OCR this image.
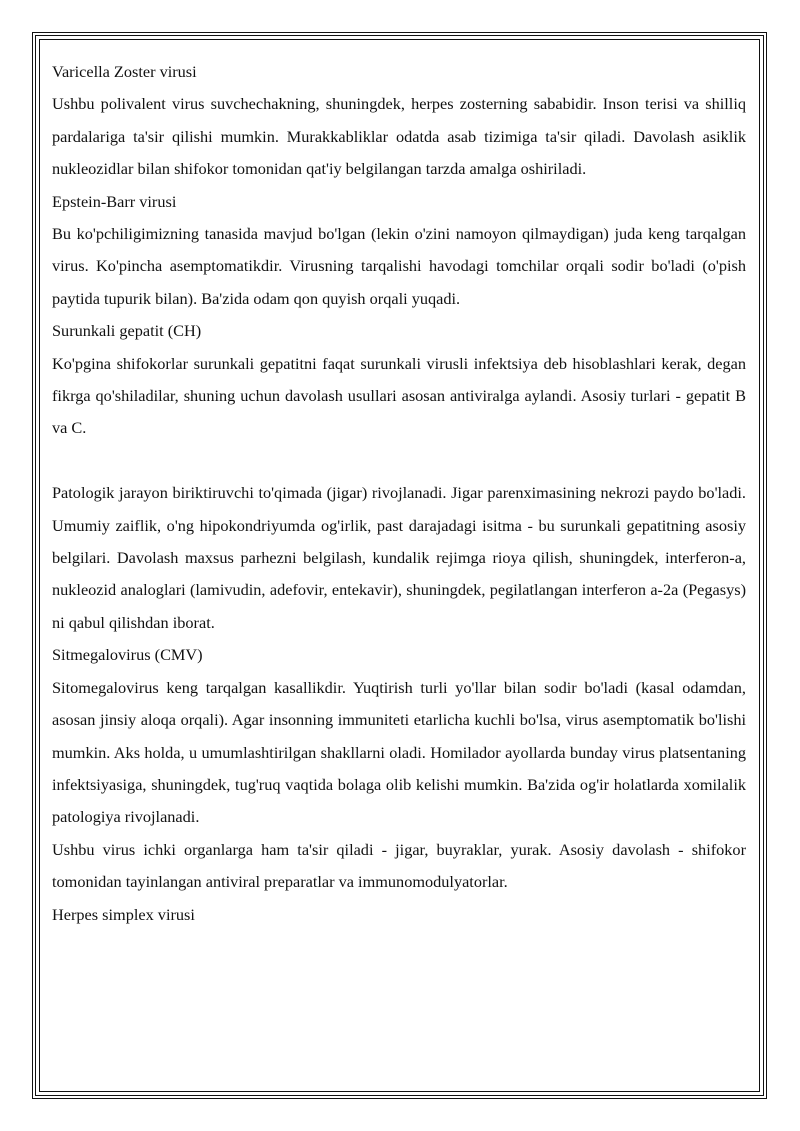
Varicella Zoster virusi

Ushbu polivalent virus suvchechakning, shuningdek, herpes zosterning sababidir. Inson terisi va shilliq pardalariga ta'sir qilishi mumkin. Murakkabliklar odatda asab tizimiga ta'sir qiladi. Davolash asiklik nukleozidlar bilan shifokor tomonidan qat'iy belgilangan tarzda amalga oshiriladi.

Epstein-Barr virusi

Bu ko'pchiligimizning tanasida mavjud bo'lgan (lekin o'zini namoyon qilmaydigan) juda keng tarqalgan virus. Ko'pincha asemptomatikdir. Virusning tarqalishi havodagi tomchilar orqali sodir bo'ladi (o'pish paytida tupurik bilan). Ba'zida odam qon quyish orqali yuqadi.

Surunkali gepatit (CH)

Ko'pgina shifokorlar surunkali gepatitni faqat surunkali virusli infektsiya deb hisoblashlari kerak, degan fikrga qo'shiladilar, shuning uchun davolash usullari asosan antiviralga aylandi. Asosiy turlari - gepatit B va C.

Patologik jarayon biriktiruvchi to'qimada (jigar) rivojlanadi. Jigar parenximasining nekrozi paydo bo'ladi. Umumiy zaiflik, o'ng hipokondriyumda og'irlik, past darajadagi isitma - bu surunkali gepatitning asosiy belgilari. Davolash maxsus parhezni belgilash, kundalik rejimga rioya qilish, shuningdek, interferon-a, nukleozid analoglari (lamivudin, adefovir, entekavir), shuningdek, pegilatlangan interferon a-2a (Pegasys) ni qabul qilishdan iborat.

Sitmegalovirus (CMV)

Sitomegalovirus keng tarqalgan kasallikdir. Yuqtirish turli yo'llar bilan sodir bo'ladi (kasal odamdan, asosan jinsiy aloqa orqali). Agar insonning immuniteti etarlicha kuchli bo'lsa, virus asemptomatik bo'lishi mumkin. Aks holda, u umumlashtirilgan shakllarni oladi. Homilador ayollarda bunday virus platsentaning infektsiyasiga, shuningdek, tug'ruq vaqtida bolaga olib kelishi mumkin. Ba'zida og'ir holatlarda xomilalik patologiya rivojlanadi.

Ushbu virus ichki organlarga ham ta'sir qiladi - jigar, buyraklar, yurak. Asosiy davolash - shifokor tomonidan tayinlangan antiviral preparatlar va immunomodulyatorlar.

Herpes simplex virusi
